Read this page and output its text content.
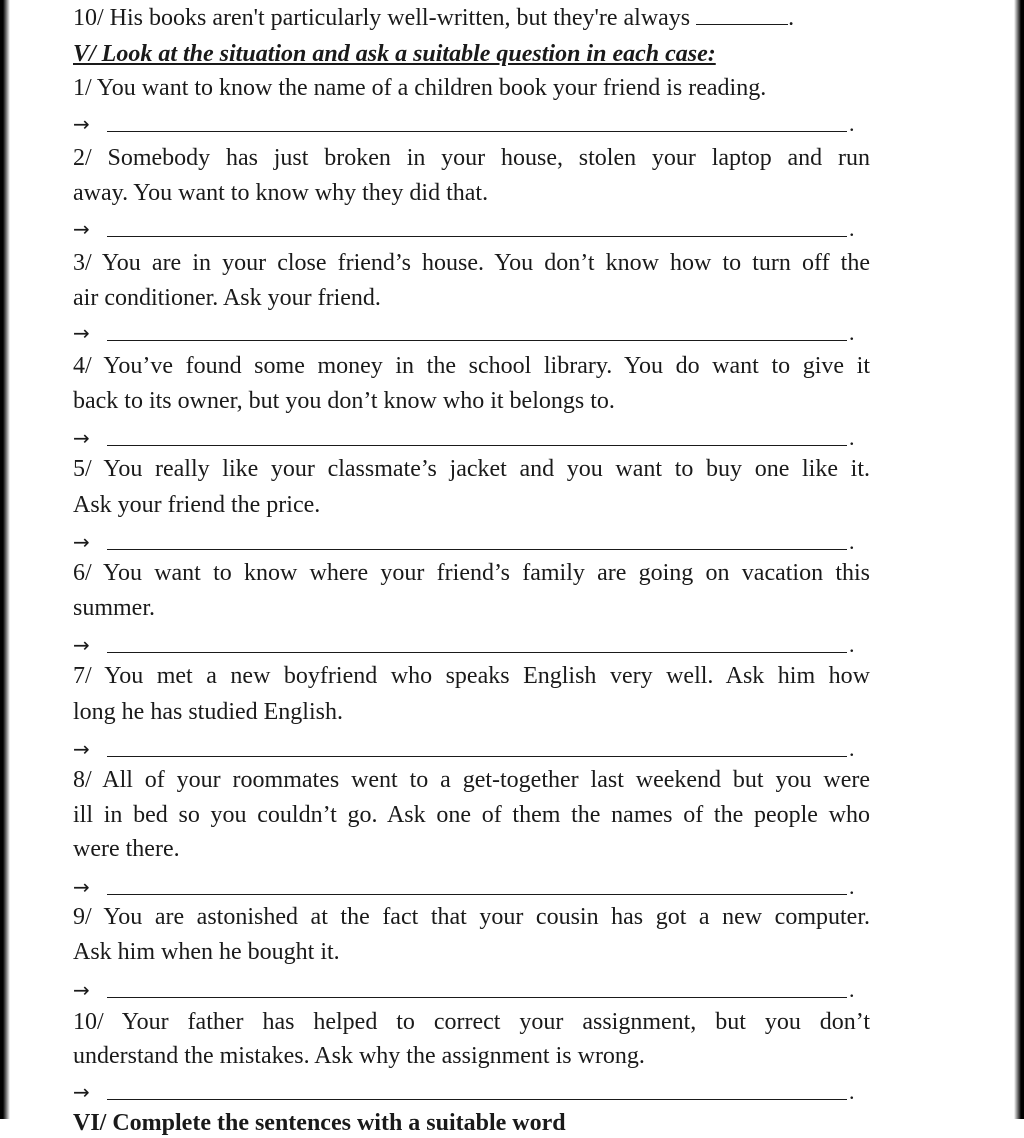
10/ His books aren't particularly well-written, but they're always	.
V/ Look at the situation and ask a suitable question in each case:
1/ You want to know the name of a children book your friend is reading.
→	.
2/ Somebody has just broken in your house, stolen your laptop and run
away. You want to know why they did that.
→	.
3/ You are in your close friend’s house. You don’t know how to turn off the
air conditioner. Ask your friend.
→	.
4/ You’ve found some money in the school library. You do want to give it
back to its owner, but you don’t know who it belongs to.
→	.
5/ You really like your classmate’s jacket and you want to buy one like it.
Ask your friend the price.
→	.
6/ You want to know where your friend’s family are going on vacation this
summer.
→	.
7/ You met a new boyfriend who speaks English very well. Ask him how
long he has studied English.
→	.
8/ All of your roommates went to a get-together last weekend but you were
ill in bed so you couldn’t go. Ask one of them the names of the people who
were there.
→	.
9/ You are astonished at the fact that your cousin has got a new computer.
Ask him when he bought it.
→	.
10/ Your father has helped to correct your assignment, but you don’t
understand the mistakes. Ask why the assignment is wrong.
→	.
VI/ Complete the sentences with a suitable word
